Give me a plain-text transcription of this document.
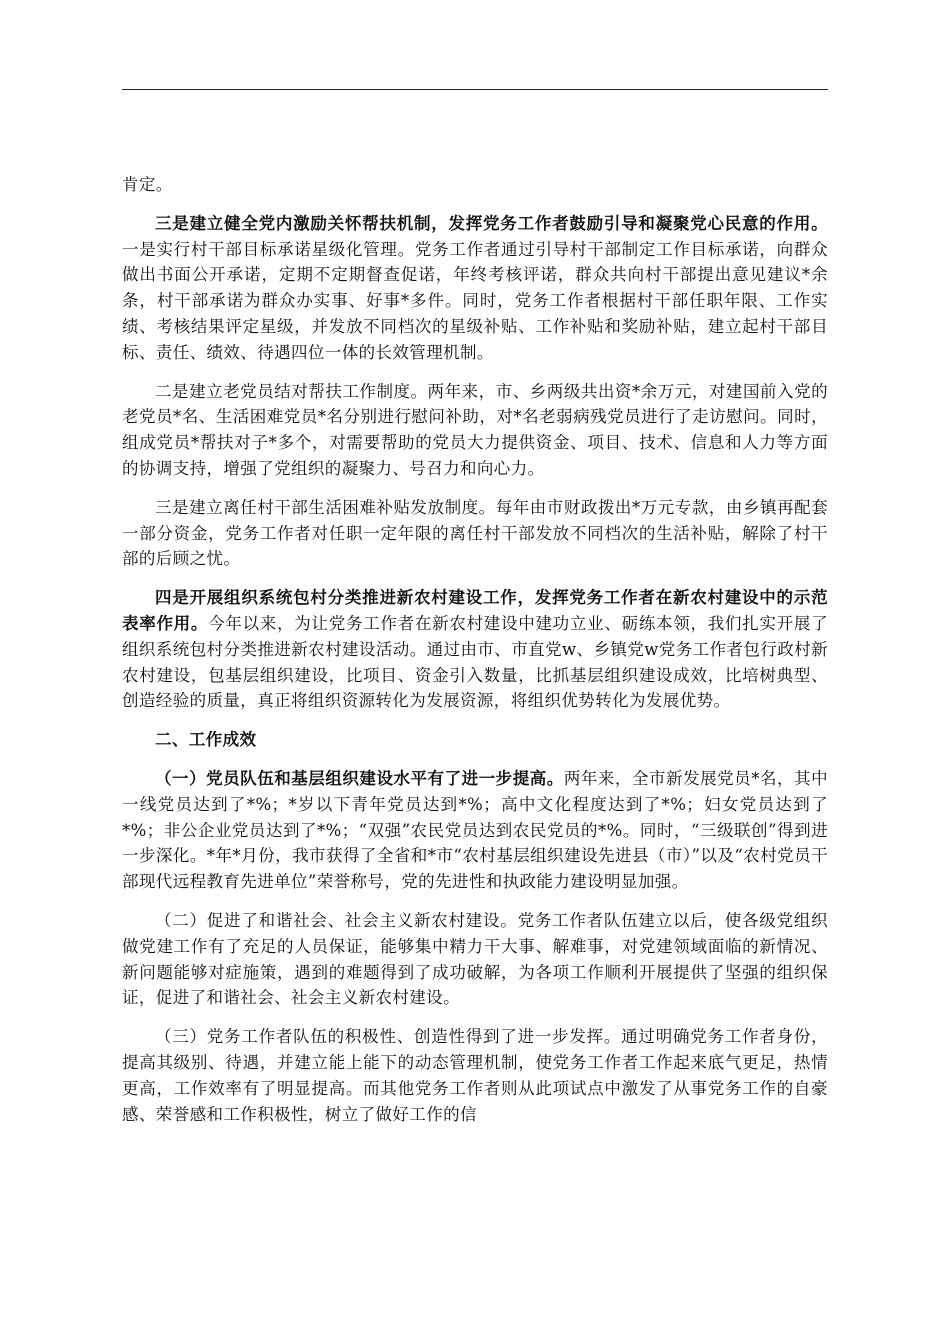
肯定。

三是建立健全党内激励关怀帮扶机制，发挥党务工作者鼓励引导和凝聚党心民意的作用。一是实行村干部目标承诺星级化管理。党务工作者通过引导村干部制定工作目标承诺，向群众做出书面公开承诺，定期不定期督查促诺，年终考核评诺，群众共向村干部提出意见建议*余条，村干部承诺为群众办实事、好事*多件。同时，党务工作者根据村干部任职年限、工作实绩、考核结果评定星级，并发放不同档次的星级补贴、工作补贴和奖励补贴，建立起村干部目标、责任、绩效、待遇四位一体的长效管理机制。

二是建立老党员结对帮扶工作制度。两年来，市、乡两级共出资*余万元，对建国前入党的老党员*名、生活困难党员*名分别进行慰问补助，对*名老弱病残党员进行了走访慰问。同时，组成党员*帮扶对子*多个，对需要帮助的党员大力提供资金、项目、技术、信息和人力等方面的协调支持，增强了党组织的凝聚力、号召力和向心力。

三是建立离任村干部生活困难补贴发放制度。每年由市财政拨出*万元专款，由乡镇再配套一部分资金，党务工作者对任职一定年限的离任村干部发放不同档次的生活补贴，解除了村干部的后顾之忧。

四是开展组织系统包村分类推进新农村建设工作，发挥党务工作者在新农村建设中的示范表率作用。今年以来，为让党务工作者在新农村建设中建功立业、砺练本领，我们扎实开展了组织系统包村分类推进新农村建设活动。通过由市、市直党w、乡镇党w党务工作者包行政村新农村建设，包基层组织建设，比项目、资金引入数量，比抓基层组织建设成效，比培树典型、创造经验的质量，真正将组织资源转化为发展资源，将组织优势转化为发展优势。

二、工作成效

（一）党员队伍和基层组织建设水平有了进一步提高。两年来，全市新发展党员*名，其中一线党员达到了*%；*岁以下青年党员达到*%；高中文化程度达到了*%；妇女党员达到了*%；非公企业党员达到了*%；“双强”农民党员达到农民党员的*%。同时，“三级联创”得到进一步深化。*年*月份，我市获得了全省和*市“农村基层组织建设先进县（市）”以及“农村党员干部现代远程教育先进单位”荣誉称号，党的先进性和执政能力建设明显加强。

（二）促进了和谐社会、社会主义新农村建设。党务工作者队伍建立以后，使各级党组织做党建工作有了充足的人员保证，能够集中精力干大事、解难事，对党建领域面临的新情况、新问题能够对症施策，遇到的难题得到了成功破解，为各项工作顺利开展提供了坚强的组织保证，促进了和谐社会、社会主义新农村建设。

（三）党务工作者队伍的积极性、创造性得到了进一步发挥。通过明确党务工作者身份，提高其级别、待遇，并建立能上能下的动态管理机制，使党务工作者工作起来底气更足，热情更高，工作效率有了明显提高。而其他党务工作者则从此项试点中激发了从事党务工作的自豪感、荣誉感和工作积极性，树立了做好工作的信
